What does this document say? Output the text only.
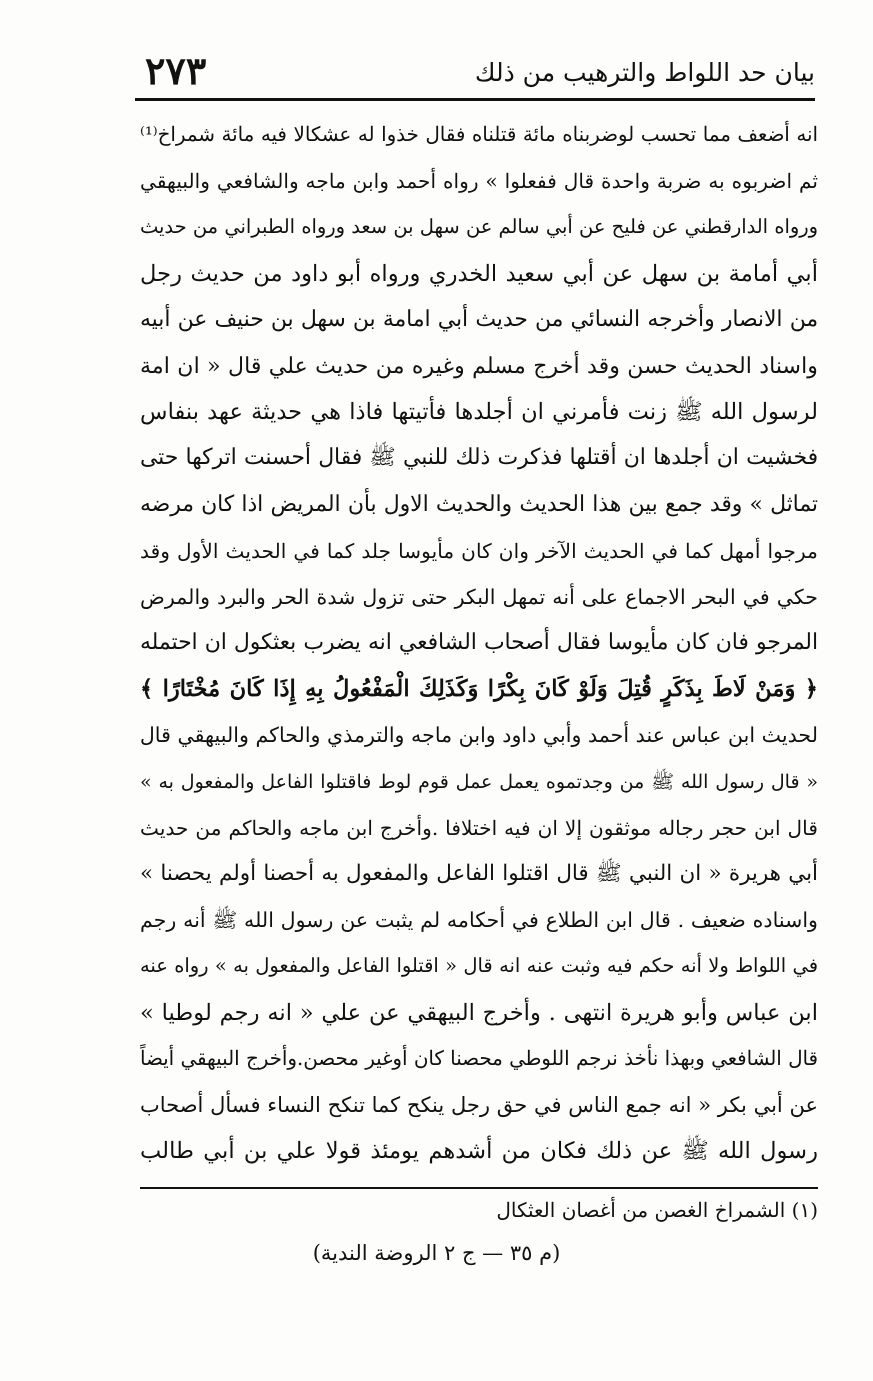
بيان حد اللواط والترهيب من ذلك
٢٧٣
انه أضعف مما تحسب لوضربناه مائة قتلناه فقال خذوا له عشكالا فيه مائة شمراخ⁽¹⁾
ثم اضربوه به ضربة واحدة قال ففعلوا » رواه أحمد وابن ماجه والشافعي والبيهقي
ورواه الدارقطني عن فليح عن أبي سالم عن سهل بن سعد ورواه الطبراني من حديث
أبي أمامة بن سهل عن أبي سعيد الخدري ورواه أبو داود من حديث رجل
من الانصار وأخرجه النسائي من حديث أبي امامة بن سهل بن حنيف عن أبيه
واسناد الحديث حسن وقد أخرج مسلم وغيره من حديث علي قال « ان امة
لرسول الله ﷺ زنت فأمرني ان أجلدها فأتيتها فاذا هي حديثة عهد بنفاس
فخشيت ان أجلدها ان أقتلها فذكرت ذلك للنبي ﷺ فقال أحسنت اتركها حتى
تماثل » وقد جمع بين هذا الحديث والحديث الاول بأن المريض اذا كان مرضه
مرجوا أمهل كما في الحديث الآخر وان كان مأيوسا جلد كما في الحديث الأول وقد
حكي في البحر الاجماع على أنه تمهل البكر حتى تزول شدة الحر والبرد والمرض
المرجو فان كان مأيوسا فقال أصحاب الشافعي انه يضرب بعثكول ان احتمله
﴿ وَمَنْ لَاطَ بِذَكَرٍ قُتِلَ وَلَوْ كَانَ بِكْرًا وَكَذَلِكَ الْمَفْعُولُ بِهِ إِذَا كَانَ مُخْتَارًا ﴾
لحديث ابن عباس عند أحمد وأبي داود وابن ماجه والترمذي والحاكم والبيهقي قال
« قال رسول الله ﷺ من وجدتموه يعمل عمل قوم لوط فاقتلوا الفاعل والمفعول به »
قال ابن حجر رجاله موثقون إلا ان فيه اختلافا .وأخرج ابن ماجه والحاكم من حديث
أبي هريرة « ان النبي ﷺ قال اقتلوا الفاعل والمفعول به أحصنا أولم يحصنا »
واسناده ضعيف . قال ابن الطلاع في أحكامه لم يثبت عن رسول الله ﷺ أنه رجم
في اللواط ولا أنه حكم فيه وثبت عنه انه قال « اقتلوا الفاعل والمفعول به » رواه عنه
ابن عباس وأبو هريرة انتهى . وأخرج البيهقي عن علي « انه رجم لوطيا »
قال الشافعي وبهذا نأخذ نرجم اللوطي محصنا كان أوغير محصن.وأخرج البيهقي أيضاً
عن أبي بكر « انه جمع الناس في حق رجل ينكح كما تنكح النساء فسأل أصحاب
رسول الله ﷺ عن ذلك فكان من أشدهم يومئذ قولا علي بن أبي طالب
(١) الشمراخ الغصن من أغصان العثكال
(م ٣٥ — ج ٢ الروضة الندية)
